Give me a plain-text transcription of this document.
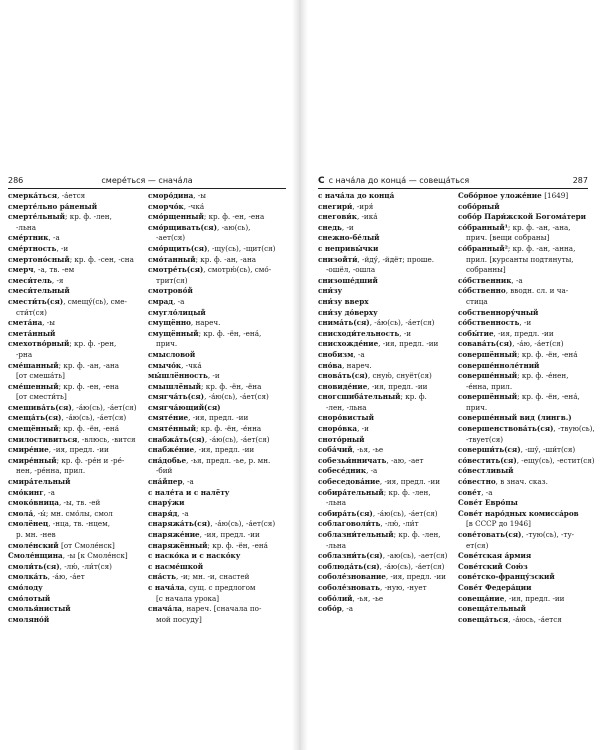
286	смерéться — сначáла
смерка́ться, -а́ется
смерте́льно ра́неный
смерте́льный; кр. ф. -лен,
-льна
сме́ртник, -а
сме́ртность, -и
смертоно́сный; кр. ф. -сен, -сна
смерч, -а, тв. -ем
смеси́тель, -я
смеси́тельный
смести́ть(ся), смещу́(сь), сме-
сти́т(ся)
смета́на, -ы
смета́нный
смехотво́рный; кр. ф. -рен,
-рна
сме́шанный; кр. ф. -ан, -ана
[от смеша́ть]
сме́шенный; кр. ф. -ен, -ена
[от смести́ть]
смешива́ть(ся), -а́ю(сь), -а́ет(ся)
смеща́ть(ся), -а́ю(сь), -а́ет(ся)
смещённый; кр. ф. -ён, -ена́
смилостивиться, -влюсь, -вится
смире́ние, -ия, предл. -ии
смире́нный; кр. ф. -ре́н и -ре́-
нен, -ре́нна, прил.
смира́тельный
смо́кинг, -а
смоко́вница, -ы, тв. -ей
смола́, -ы́; мн. смо́лы, смол
смолёнец, -нца, тв. -нцем,
р. мн. -нев
смоле́нский [от Смоле́нск]
Смоле́нщина, -ы [к Смоле́нск]
смоли́ть(ся), -лю́, -ли́т(ся)
смолка́ть, -а́ю, -а́ет
смо́лоду
смо́лотый
смолья́нистый
смоляно́й
сморо́дина, -ы
сморчо́к, -чка́
смо́рщенный; кр. ф. -ен, -ена
смо́рщивать(ся), -аю(сь),
-ает(ся)
смо́рщить(ся), -щу(сь), -щит(ся)
смо́танный; кр. ф. -ан, -ана
смотре́ть(ся), смотрю́(сь), смо́-
трит(ся)
смотрово́й
смрад, -а
смугло́лицый
смущённо, нареч.
смущённый; кр. ф. -ён, -ена́,
прич.
смысловой
смычо́к, -чка́
мы́шлённость, -и
смышлёный; кр. ф. -ён, -ёна
смягча́ть(ся), -а́ю(сь), -а́ет(ся)
смягча́ющий(ся)
смяте́ние, -ия, предл. -ии
смяте́нный; кр. ф. -ён, -е́нна
снабжа́ть(ся), -а́ю(сь), -а́ет(ся)
снабже́ние, -ия, предл. -ии
сна́добье, -ья, предл. -ье, р. мн.
-бий
сна́йпер, -а
с нале́та и с налёту
снару́жи
снаря́д, -а
снаряжа́ть(ся), -а́ю(сь), -а́ет(ся)
снаряже́ние, -ия, предл. -ии
снаряжённый; кр. ф. -ён, -ена́
с наско́ка и с наско́ку
с насме́шкой
сна́сть, -и; мн. -и, снастей
с нача́ла, сущ. с предлогом
[с начала урока]
снача́ла, нареч. [сначала по-
мой посуду]
С с начáла до концá — совещáться	287
с нача́ла до конца́
снегири́, -иря́
снегови́к, -ика́
снедь, -и
снежно-бе́лый
с непривы́чки
снизойти́, -йду́, -йдёт; проше.
-ошёл, -ошла
снизоше́дший
сни́зу
сни́зу вверх
сни́зу до́верху
снима́ть(ся), -а́ю(сь), -а́ет(ся)
снисходи́тельность, -и
снисхожде́ние, -ия, предл. -ии
снобизм, -а
сно́ва, нареч.
снова́ть(ся), сную́, снуёт(ся)
сновиде́ние, -ия, предл. -ии
сногсшиба́тельный; кр. ф.
-лен, -льна
сноро́вистый
сноро́вка, -и
сното́рный
соба́чий, -ья, -ье
собезьи́нничать, -аю, -ает
собесе́дник, -а
собеседова́ние, -ия, предл. -ии
собира́тельный; кр. ф. -лен,
-льна
собира́ть(ся), -а́ю(сь), -а́ет(ся)
соблаговоли́ть, -лю́, -ли́т
соблазни́тельный; кр. ф. -лен,
-льна
соблазни́ть(ся), -аю(сь), -ает(ся)
соблюда́ть(ся), -а́ю(сь), -а́ет(ся)
соболе́знование, -ия, предл. -ии
соболе́зновать, -ную, -нует
собо́лий, -ья, -ье
собо́р, -а
Собо́рное уложе́ние [1649]
собо́рный
собо́р Пари́жской Богома́тери
со́бранный¹; кр. ф. -ан, -ана,
прич. [вещи собраны]
со́бранный²; кр. ф. -ан, -анна,
прил. [курсанты подтянуты,
собранны]
со́бственник, -а
со́бственно, вводн. сл. и ча-
стица
собственнору́чный
со́бственность, -и
собы́тие, -ия, предл. -ии
совава́ть(ся), -а́ю, -а́ет(ся)
совершённый; кр. ф. -ён, -ена́
соверше́нноле́тний
соверше́нный; кр. ф. -е́нен,
-е́нна, прил.
совершённый; кр. ф. -ён, -ена́,
прич.
соверше́нный вид (лингв.)
совершенствова́ть(ся), -твую(сь),
-твует(ся)
соверши́ть(ся), -шу́, -ши́т(ся)
со́вестить(ся), -ещу(сь), -естит(ся)
со́вестливый
со́вестно, в знач. сказ.
сове́т, -а
Сове́т Евро́пы
Сове́т наро́дных комисса́ров
[в СССР до 1946]
сове́товать(ся), -тую(сь), -ту-
ет(ся)
Сове́тская а́рмия
Сове́тский Сою́з
сове́тско-францу́зский
Сове́т Федера́ции
совеща́ние, -ия, предл. -ии
совеща́тельный
совеща́ться, -а́юсь, -а́ется
